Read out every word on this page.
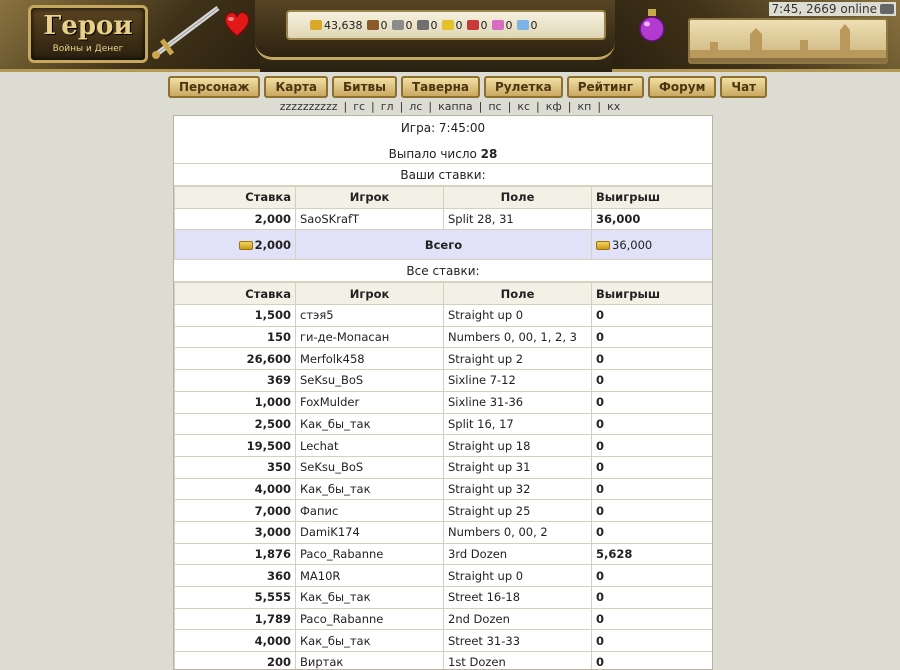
Герои
Войны и Денег
43,638 0 0 0 0 0 0 0
7:45, 2669 online
Персонаж	Карта	Битвы	Таверна	Рулетка	Рейтинг	Форум	Чат
zzzzzzzzzz | гс | гл | лс | каппа | пс | кс | кф | кп | кх
Игра: 7:45:00
Выпало число 28
Ваши ставки:
Ставка	Игрок	Поле	Выигрыш
2,000	SaoSKrafT	Split 28, 31	36,000
2,000	Всего		36,000
Все ставки:
Ставка	Игрок	Поле	Выигрыш
1,500	стэя5	Straight up 0	0
150	ги-де-Мопасан	Numbers 0, 00, 1, 2, 3	0
26,600	Merfolk458	Straight up 2	0
369	SeKsu_BoS	Sixline 7-12	0
1,000	FoxMulder	Sixline 31-36	0
2,500	Как_бы_так	Split 16, 17	0
19,500	Lechat	Straight up 18	0
350	SeKsu_BoS	Straight up 31	0
4,000	Как_бы_так	Straight up 32	0
7,000	Фапис	Straight up 25	0
3,000	DamiK174	Numbers 0, 00, 2	0
1,876	Paco_Rabanne	3rd Dozen	5,628
360	MA10R	Straight up 0	0
5,555	Как_бы_так	Street 16-18	0
1,789	Paco_Rabanne	2nd Dozen	0
4,000	Как_бы_так	Street 31-33	0
200	Виртак	1st Dozen	0
